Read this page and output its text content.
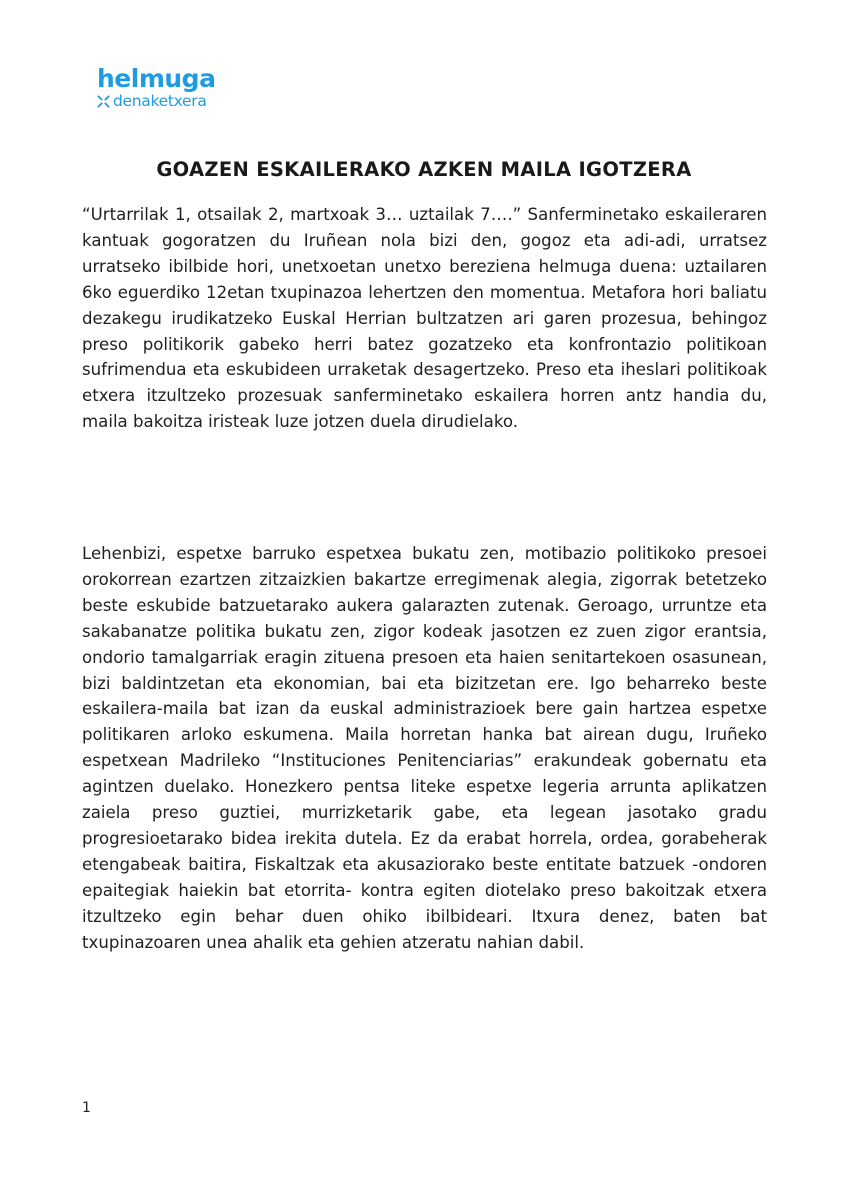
helmuga
denaketxera
GOAZEN ESKAILERAKO AZKEN MAILA IGOTZERA

“Urtarrilak 1, otsailak 2, martxoak 3… uztailak 7….” Sanferminetako eskaileraren kantuak gogoratzen du Iruñean nola bizi den, gogoz eta adi-adi, urratsez urratseko ibilbide hori, unetxoetan unetxo bereziena helmuga duena: uztailaren 6ko eguerdiko 12etan txupinazoa lehertzen den momentua. Metafora hori baliatu dezakegu irudikatzeko Euskal Herrian bultzatzen ari garen prozesua, behingoz preso politikorik gabeko herri batez gozatzeko eta konfrontazio politikoan sufrimendua eta eskubideen urraketak desagertzeko. Preso eta iheslari politikoak etxera itzultzeko prozesuak sanferminetako eskailera horren antz handia du, maila bakoitza iristeak luze jotzen duela dirudielako.

Lehenbizi, espetxe barruko espetxea bukatu zen, motibazio politikoko presoei orokorrean ezartzen zitzaizkien bakartze erregimenak alegia, zigorrak betetzeko beste eskubide batzuetarako aukera galarazten zutenak. Geroago, urruntze eta sakabanatze politika bukatu zen, zigor kodeak jasotzen ez zuen zigor erantsia, ondorio tamalgarriak eragin zituena presoen eta haien senitartekoen osasunean, bizi baldintzetan eta ekonomian, bai eta bizitzetan ere. Igo beharreko beste eskailera-maila bat izan da euskal administrazioek bere gain hartzea espetxe politikaren arloko eskumena. Maila horretan hanka bat airean dugu, Iruñeko espetxean Madrileko “Instituciones Penitenciarias” erakundeak gobernatu eta agintzen duelako. Honezkero pentsa liteke espetxe legeria arrunta aplikatzen zaiela preso guztiei, murrizketarik gabe, eta legean jasotako gradu progresioetarako bidea irekita dutela. Ez da erabat horrela, ordea, gorabeherak etengabeak baitira, Fiskaltzak eta akusaziorako beste entitate batzuek -ondoren epaitegiak haiekin bat etorrita- kontra egiten diotelako preso bakoitzak etxera itzultzeko egin behar duen ohiko ibilbideari. Itxura denez, baten bat txupinazoaren unea ahalik eta gehien atzeratu nahian dabil.

1
